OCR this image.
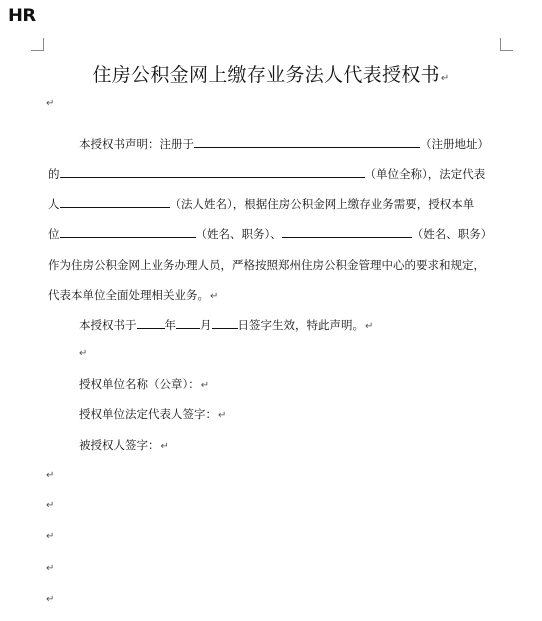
HR
住房公积金网上缴存业务法人代表授权书↵
↵
本授权书声明：注册于	（注册地址）
的	（单位全称），法定代表
人	（法人姓名），根据住房公积金网上缴存业务需要，授权本单
位	（姓名、职务）、	（姓名、职务）
作为住房公积金网上业务办理人员，严格按照郑州住房公积金管理中心的要求和规定，
代表本单位全面处理相关业务。↵
本授权书于 年 月 日签字生效，特此声明。↵
↵
授权单位名称（公章）：↵
授权单位法定代表人签字：↵
被授权人签字：↵
↵
↵
↵
↵
↵
